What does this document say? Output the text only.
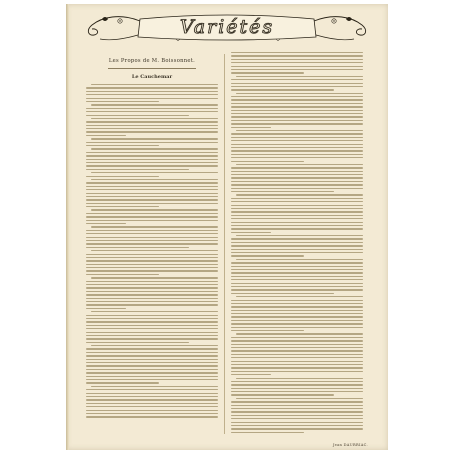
Variétés
Les Propos de M. Boissonnet.
Le Cauchemar
Jean DAURRIAC.
